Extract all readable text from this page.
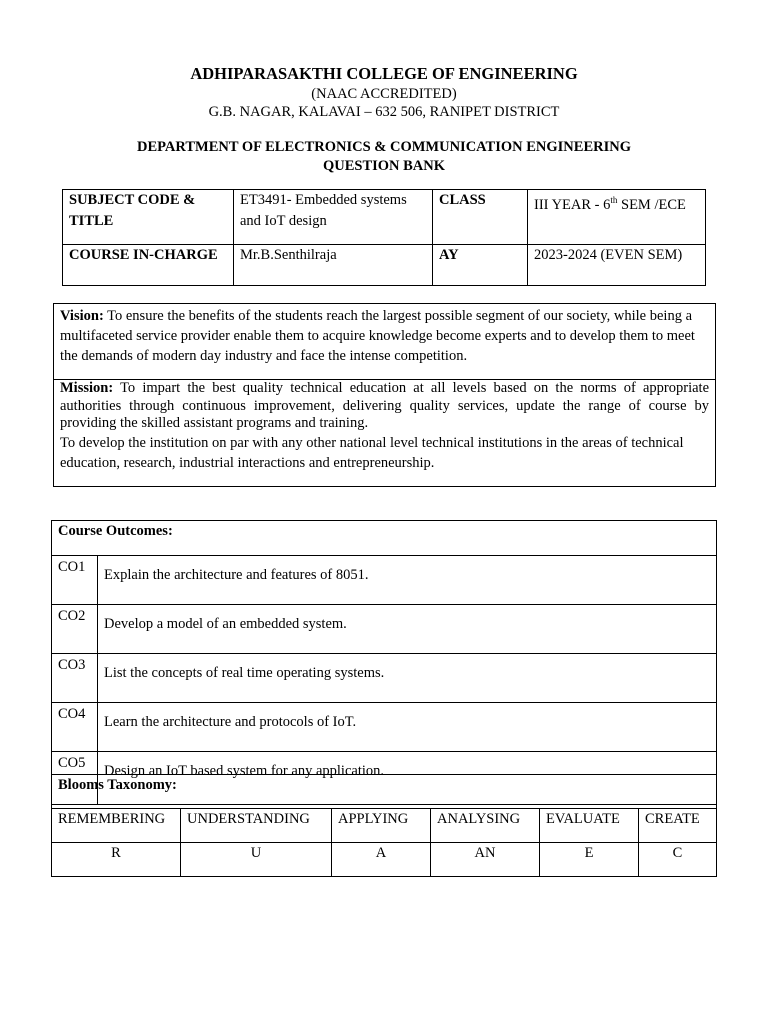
ADHIPARASAKTHI COLLEGE OF ENGINEERING
(NAAC ACCREDITED)
G.B. NAGAR, KALAVAI – 632 506, RANIPET DISTRICT
DEPARTMENT OF ELECTRONICS & COMMUNICATION ENGINEERING
QUESTION BANK
SUBJECT CODE & TITLE	ET3491- Embedded systems and IoT design	CLASS	III YEAR - 6th SEM /ECE
COURSE IN-CHARGE	Mr.B.Senthilraja	AY	2023-2024 (EVEN SEM)
Vision: To ensure the benefits of the students reach the largest possible segment of our society, while being a multifaceted service provider enable them to acquire knowledge become experts and to develop them to meet the demands of modern day industry and face the intense competition.

Mission: To impart the best quality technical education at all levels based on the norms of appropriate authorities through continuous improvement, delivering quality services, update the range of course by providing the skilled assistant programs and training.
To develop the institution on par with any other national level technical institutions in the areas of technical education, research, industrial interactions and entrepreneurship.
Course Outcomes:	
CO1	Explain the architecture and features of 8051.
CO2	Develop a model of an embedded system.
CO3	List the concepts of real time operating systems.
CO4	Learn the architecture and protocols of IoT.
CO5	Design an IoT based system for any application.
Blooms Taxonomy:					
REMEMBERING	UNDERSTANDING	APPLYING	ANALYSING	EVALUATE	CREATE
R	U	A	AN	E	C
